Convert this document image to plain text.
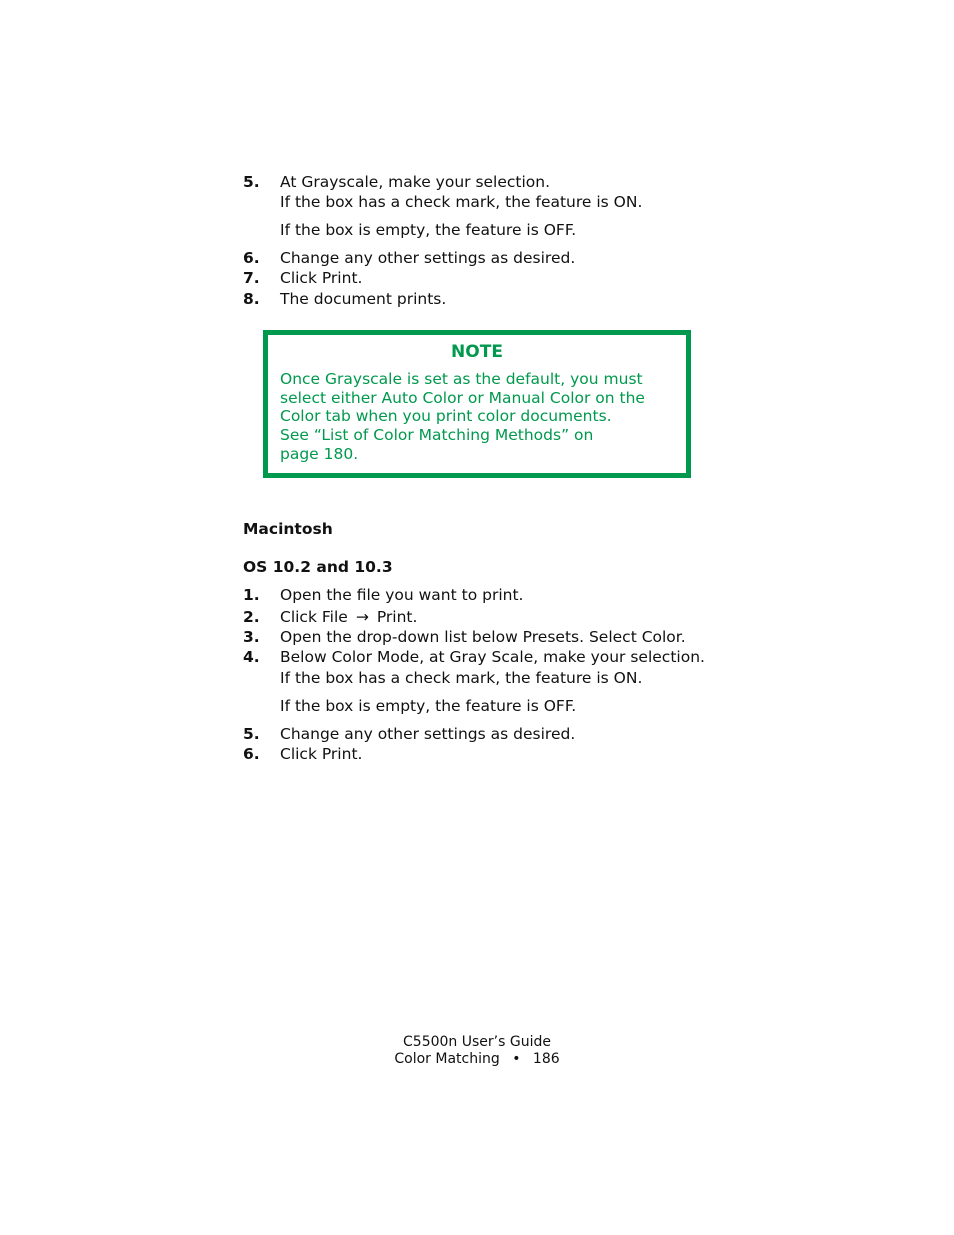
5. At Grayscale, make your selection.
If the box has a check mark, the feature is ON.
If the box is empty, the feature is OFF.
6. Change any other settings as desired.
7. Click Print.
8. The document prints.
NOTE
Once Grayscale is set as the default, you must
select either Auto Color or Manual Color on the
Color tab when you print color documents.
See “List of Color Matching Methods” on
page 180.
Macintosh
OS 10.2 and 10.3
1. Open the file you want to print.
2. Click File → Print.
3. Open the drop-down list below Presets. Select Color.
4. Below Color Mode, at Gray Scale, make your selection.
If the box has a check mark, the feature is ON.
If the box is empty, the feature is OFF.
5. Change any other settings as desired.
6. Click Print.
C5500n User’s Guide
Color Matching • 186
